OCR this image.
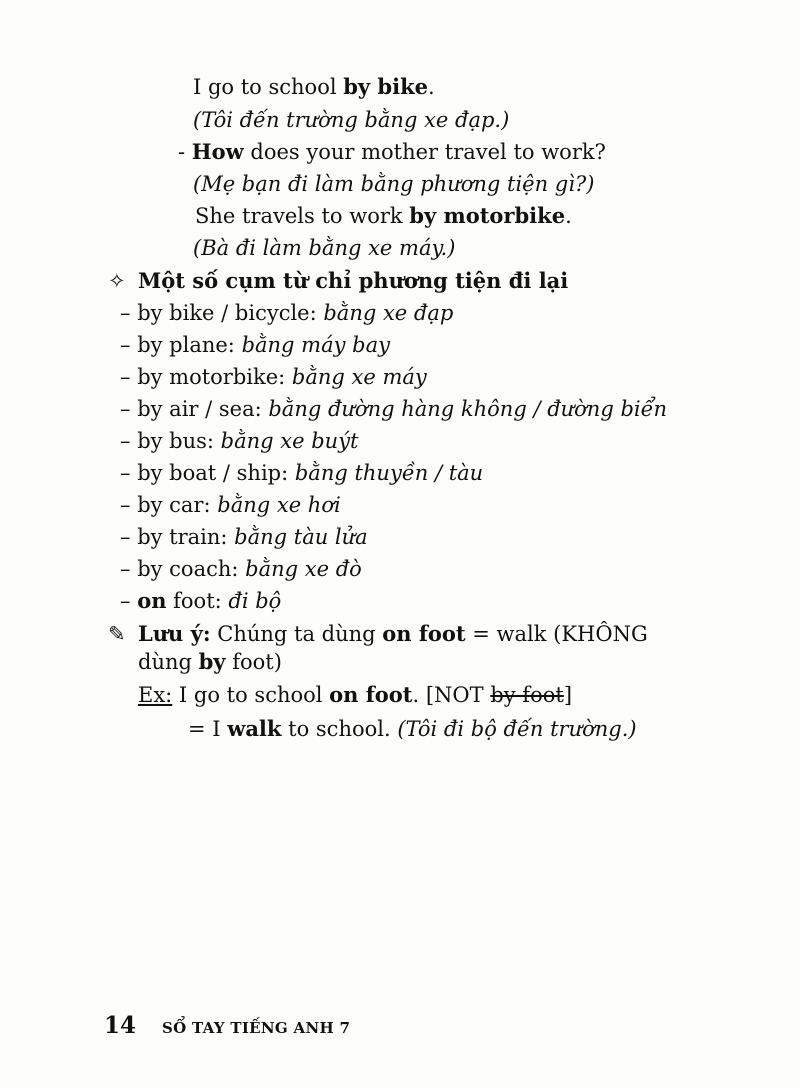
I go to school by bike.
(Tôi đến trường bằng xe đạp.)
- How does your mother travel to work?
(Mẹ bạn đi làm bằng phương tiện gì?)
She travels to work by motorbike.
(Bà đi làm bằng xe máy.)
✧ Một số cụm từ chỉ phương tiện đi lại
– by bike / bicycle: bằng xe đạp
– by plane: bằng máy bay
– by motorbike: bằng xe máy
– by air / sea: bằng đường hàng không / đường biển
– by bus: bằng xe buýt
– by boat / ship: bằng thuyền / tàu
– by car: bằng xe hơi
– by train: bằng tàu lửa
– by coach: bằng xe đò
– on foot: đi bộ
✎ Lưu ý: Chúng ta dùng on foot = walk (KHÔNG
dùng by foot)
Ex: I go to school on foot. [NOT by foot]
= I walk to school. (Tôi đi bộ đến trường.)
14 SỔ TAY TIẾNG ANH 7
